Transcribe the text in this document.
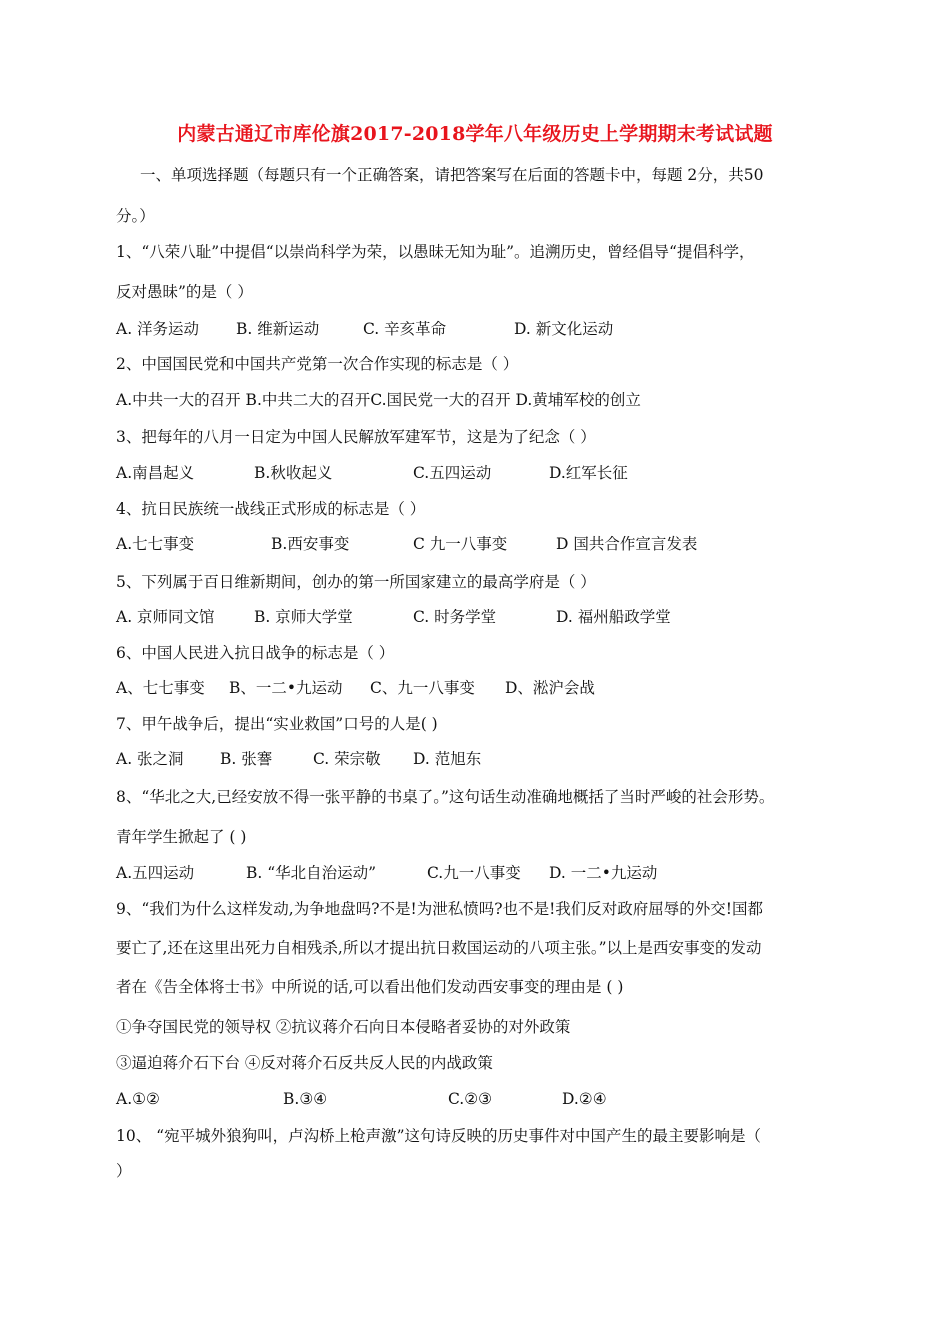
内蒙古通辽市库伦旗2017-2018学年八年级历史上学期期末考试试题
一、单项选择题（每题只有一个正确答案，请把答案写在后面的答题卡中，每题 2分，共50
分。）
1、“八荣八耻”中提倡“以崇尚科学为荣，以愚昧无知为耻”。追溯历史，曾经倡导“提倡科学，
反对愚昧”的是（ ）
A. 洋务运动 B. 维新运动	C. 辛亥革命	D. 新文化运动
2、中国国民党和中国共产党第一次合作实现的标志是（ ）
A.中共一大的召开 B.中共二大的召开C.国民党一大的召开 D.黄埔军校的创立
3、把每年的八月一日定为中国人民解放军建军节，这是为了纪念（ ）
A.南昌起义	B.秋收起义	C.五四运动	D.红军长征
4、抗日民族统一战线正式形成的标志是（ ）
A.七七事变	B.西安事变	C 九一八事变	D 国共合作宣言发表
5、下列属于百日维新期间，创办的第一所国家建立的最高学府是（ ）
A. 京师同文馆	B. 京师大学堂	C. 时务学堂	D. 福州船政学堂
6、中国人民进入抗日战争的标志是（ ）
A、七七事变 B、一二•九运动 C、九一八事变 D、淞沪会战
7、甲午战争后，提出“实业救国”口号的人是( )
A. 张之洞 B. 张謇	C. 荣宗敬 D. 范旭东
8、“华北之大,已经安放不得一张平静的书桌了。”这句话生动准确地概括了当时严峻的社会形势。
青年学生掀起了 ( )
A.五四运动	B. “华北自治运动”	C.九一八事变 D. 一二•九运动
9、“我们为什么这样发动,为争地盘吗?不是!为泄私愤吗?也不是!我们反对政府屈辱的外交!国都
要亡了,还在这里出死力自相残杀,所以才提出抗日救国运动的八项主张。”以上是西安事变的发动
者在《告全体将士书》中所说的话,可以看出他们发动西安事变的理由是 ( )
①争夺国民党的领导权 ②抗议蒋介石向日本侵略者妥协的对外政策
③逼迫蒋介石下台 ④反对蒋介石反共反人民的内战政策
A.①②	B.③④	C.②③	D.②④
10、 “宛平城外狼狗叫，卢沟桥上枪声激”这句诗反映的历史事件对中国产生的最主要影响是（
）
